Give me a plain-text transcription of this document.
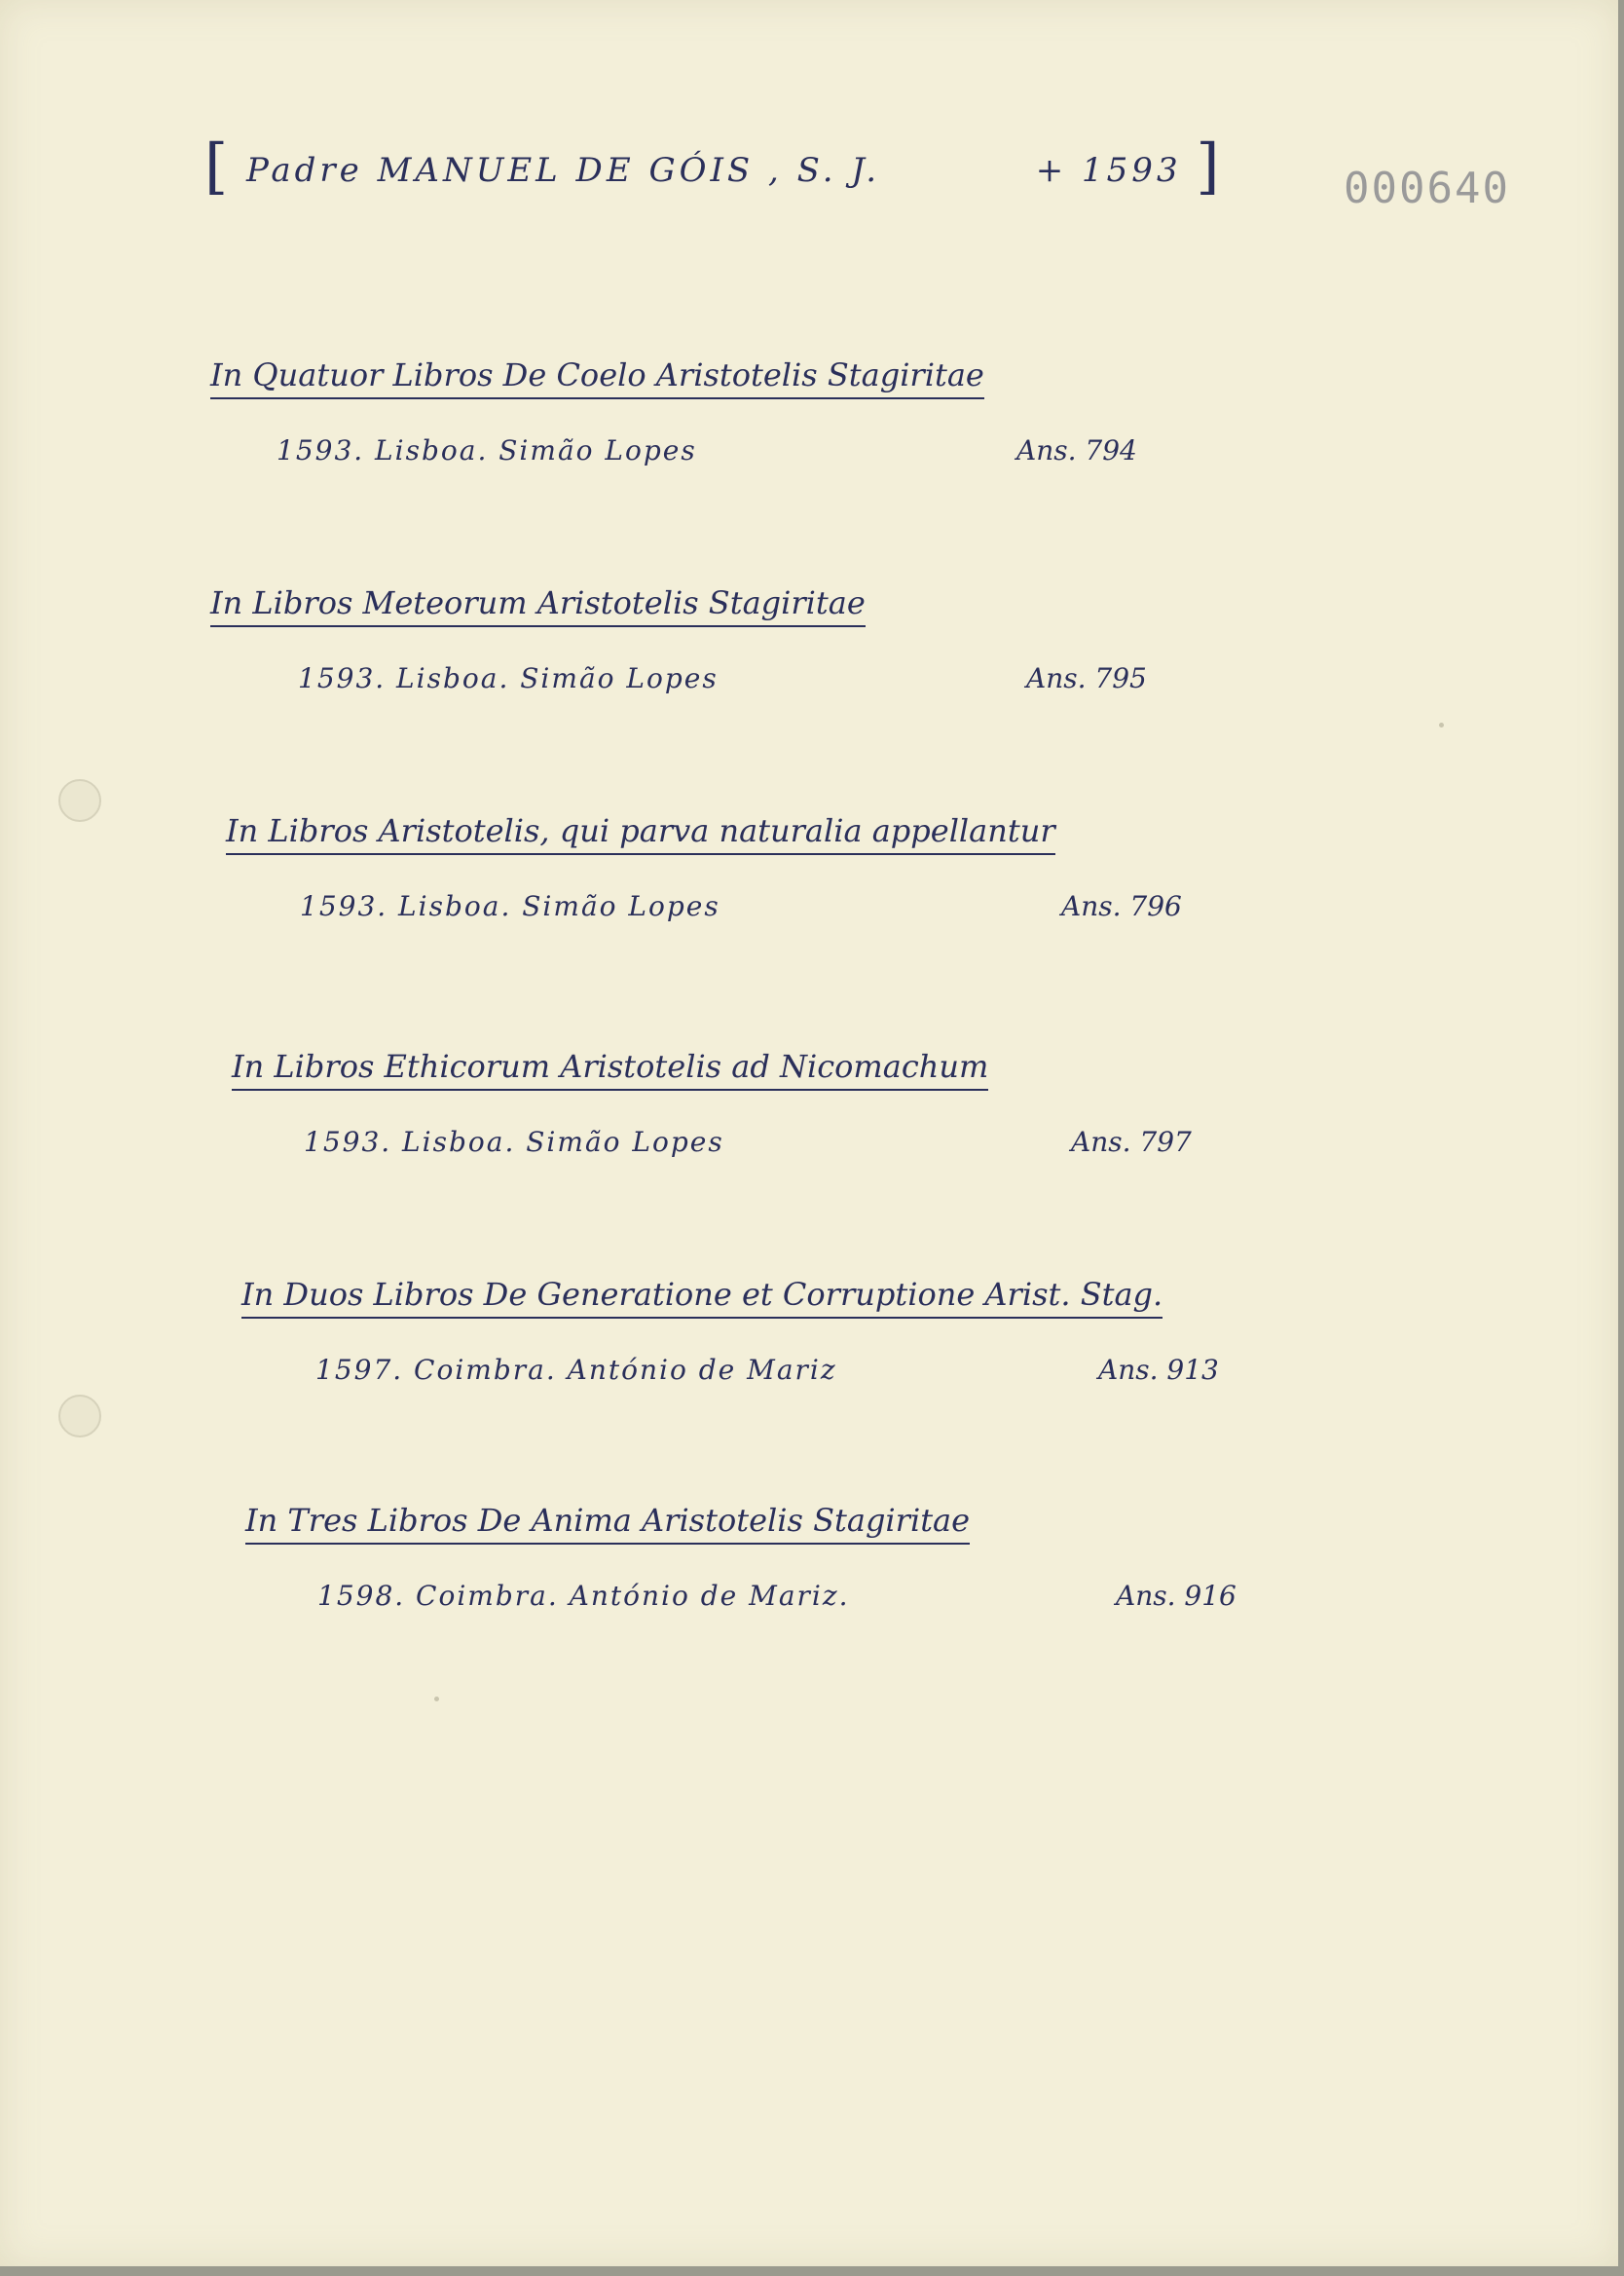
[ Padre MANUEL DE GÓIS , S. J.	+ 1593 ]	000640
In Quatuor Libros De Coelo Aristotelis Stagiritae
1593. Lisboa. Simão Lopes	Ans. 794
In Libros Meteorum Aristotelis Stagiritae
1593. Lisboa. Simão Lopes	Ans. 795
In Libros Aristotelis, qui parva naturalia appellantur
1593. Lisboa. Simão Lopes	Ans. 796
In Libros Ethicorum Aristotelis ad Nicomachum
1593. Lisboa. Simão Lopes	Ans. 797
In Duos Libros De Generatione et Corruptione Arist. Stag.
1597. Coimbra. António de Mariz	Ans. 913
In Tres Libros De Anima Aristotelis Stagiritae
1598. Coimbra. António de Mariz.	Ans. 916
